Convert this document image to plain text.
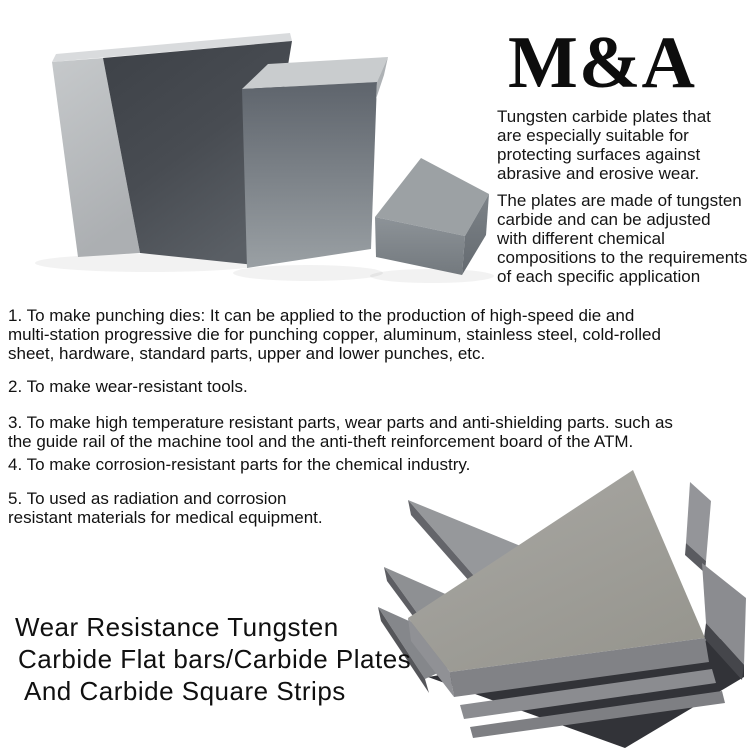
M&A
Tungsten carbide plates that
are especially suitable for
protecting surfaces against
abrasive and erosive wear.
The plates are made of tungsten
carbide and can be adjusted
with different chemical
compositions to the requirements
of each specific application
1. To make punching dies: It can be applied to the production of high-speed die and
multi-station progressive die for punching copper, aluminum, stainless steel, cold-rolled
sheet, hardware, standard parts, upper and lower punches, etc.
2. To make wear-resistant tools.
3. To make high temperature resistant parts, wear parts and anti-shielding parts. such as
the guide rail of the machine tool and the anti-theft reinforcement board of the ATM.
4. To make corrosion-resistant parts for the chemical industry.
5. To used as radiation and corrosion
resistant materials for medical equipment.
Wear Resistance Tungsten
Carbide Flat bars/Carbide Plates
And Carbide Square Strips
